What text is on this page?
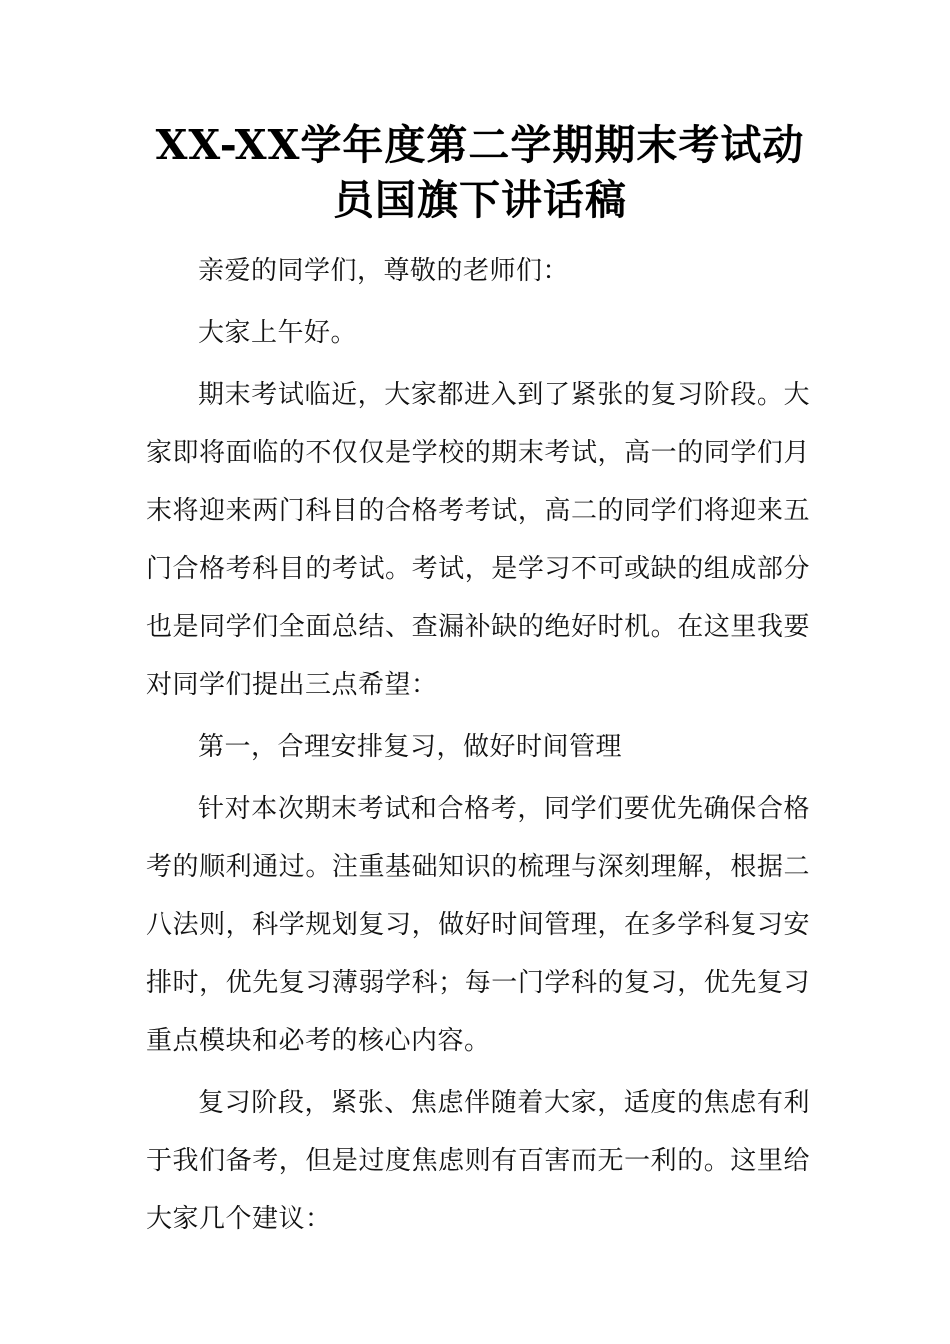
XX-XX学年度第二学期期末考试动员国旗下讲话稿

亲爱的同学们，尊敬的老师们：

大家上午好。

期末考试临近，大家都进入到了紧张的复习阶段。大家即将面临的不仅仅是学校的期末考试，高一的同学们月末将迎来两门科目的合格考考试，高二的同学们将迎来五门合格考科目的考试。考试，是学习不可或缺的组成部分也是同学们全面总结、查漏补缺的绝好时机。在这里我要对同学们提出三点希望：

第一，合理安排复习，做好时间管理

针对本次期末考试和合格考，同学们要优先确保合格考的顺利通过。注重基础知识的梳理与深刻理解，根据二八法则，科学规划复习，做好时间管理，在多学科复习安排时，优先复习薄弱学科；每一门学科的复习，优先复习重点模块和必考的核心内容。

复习阶段，紧张、焦虑伴随着大家，适度的焦虑有利于我们备考，但是过度焦虑则有百害而无一利的。这里给大家几个建议：
